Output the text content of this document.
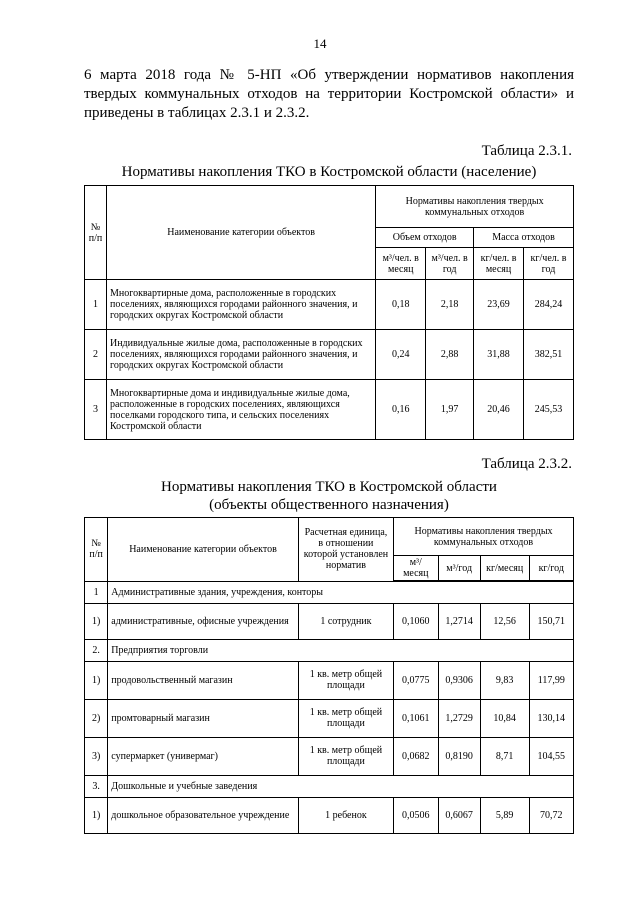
14
6 марта 2018 года № 5-НП «Об утверждении нормативов накопления твердых коммунальных отходов на территории Костромской области» и приведены в таблицах 2.3.1 и 2.3.2.
Таблица 2.3.1.
Нормативы накопления ТКО в Костромской области (население)
№ п/п	Наименование категории объектов	Нормативы накопления твердых коммунальных отходов			
		Объем отходов		Масса отходов	
		м³/чел. в месяц	м³/чел. в год	кг/чел. в месяц	кг/чел. в год
1	Многоквартирные дома, расположенные в городских поселениях, являющихся городами районного значения, и городских округах Костромской области	0,18	2,18	23,69	284,24
2	Индивидуальные жилые дома, расположенные в городских поселениях, являющихся городами районного значения, и городских округах Костромской области	0,24	2,88	31,88	382,51
3	Многоквартирные дома и индивидуальные жилые дома, расположенные в городских поселениях, являющихся поселками городского типа, и сельских поселениях Костромской области	0,16	1,97	20,46	245,53
Таблица 2.3.2.
Нормативы накопления ТКО в Костромской области
(объекты общественного назначения)
№ п/п	Наименование категории объектов	Расчетная единица, в отношении которой установлен норматив	Нормативы накопления твердых коммунальных отходов			
			м³/месяц	м³/год	кг/месяц	кг/год
1	Административные здания, учреждения, конторы					
1)	административные, офисные учреждения	1 сотрудник	0,1060	1,2714	12,56	150,71
2.	Предприятия торговли					
1)	продовольственный магазин	1 кв. метр общей площади	0,0775	0,9306	9,83	117,99
2)	промтоварный магазин	1 кв. метр общей площади	0,1061	1,2729	10,84	130,14
3)	супермаркет (универмаг)	1 кв. метр общей площади	0,0682	0,8190	8,71	104,55
3.	Дошкольные и учебные заведения					
1)	дошкольное образовательное учреждение	1 ребенок	0,0506	0,6067	5,89	70,72
